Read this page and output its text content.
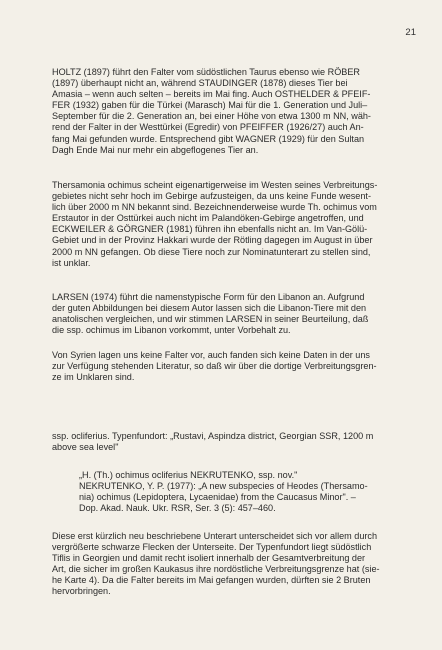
21

HOLTZ (1897) führt den Falter vom südöstlichen Taurus ebenso wie RÖBER
(1897) überhaupt nicht an, während STAUDINGER (1878) dieses Tier bei
Amasia – wenn auch selten – bereits im Mai fing. Auch OSTHELDER & PFEIF-
FER (1932) gaben für die Türkei (Marasch) Mai für die 1. Generation und Juli–
September für die 2. Generation an, bei einer Höhe von etwa 1300 m NN, wäh-
rend der Falter in der Westtürkei (Egredir) von PFEIFFER (1926/27) auch An-
fang Mai gefunden wurde. Entsprechend gibt WAGNER (1929) für den Sultan
Dagh Ende Mai nur mehr ein abgeflogenes Tier an.

Thersamonia ochimus scheint eigenartigerweise im Westen seines Verbreitungs-
gebietes nicht sehr hoch im Gebirge aufzusteigen, da uns keine Funde wesent-
lich über 2000 m NN bekannt sind. Bezeichnenderweise wurde Th. ochimus vom
Erstautor in der Osttürkei auch nicht im Palandöken-Gebirge angetroffen, und
ECKWEILER & GÖRGNER (1981) führen ihn ebenfalls nicht an. Im Van-Gölü-
Gebiet und in der Provinz Hakkari wurde der Rötling dagegen im August in über
2000 m NN gefangen. Ob diese Tiere noch zur Nominatunterart zu stellen sind,
ist unklar.

LARSEN (1974) führt die namenstypische Form für den Libanon an. Aufgrund
der guten Abbildungen bei diesem Autor lassen sich die Libanon-Tiere mit den
anatolischen vergleichen, und wir stimmen LARSEN in seiner Beurteilung, daß
die ssp. ochimus im Libanon vorkommt, unter Vorbehalt zu.

Von Syrien lagen uns keine Falter vor, auch fanden sich keine Daten in der uns
zur Verfügung stehenden Literatur, so daß wir über die dortige Verbreitungsgren-
ze im Unklaren sind.

ssp. ocliferius. Typenfundort: „Rustavi, Aspindza district, Georgian SSR, 1200 m
above sea level"

„H. (Th.) ochimus ocliferius NEKRUTENKO, ssp. nov."
NEKRUTENKO, Y. P. (1977): „A new subspecies of Heodes (Thersamo-
nia) ochimus (Lepidoptera, Lycaenidae) from the Caucasus Minor". –
Dop. Akad. Nauk. Ukr. RSR, Ser. 3 (5): 457–460.

Diese erst kürzlich neu beschriebene Unterart unterscheidet sich vor allem durch
vergrößerte schwarze Flecken der Unterseite. Der Typenfundort liegt südöstlich
Tiflis in Georgien und damit recht isoliert innerhalb der Gesamtverbreitung der
Art, die sicher im großen Kaukasus ihre nordöstliche Verbreitungsgrenze hat (sie-
he Karte 4). Da die Falter bereits im Mai gefangen wurden, dürften sie 2 Bruten
hervorbringen.
